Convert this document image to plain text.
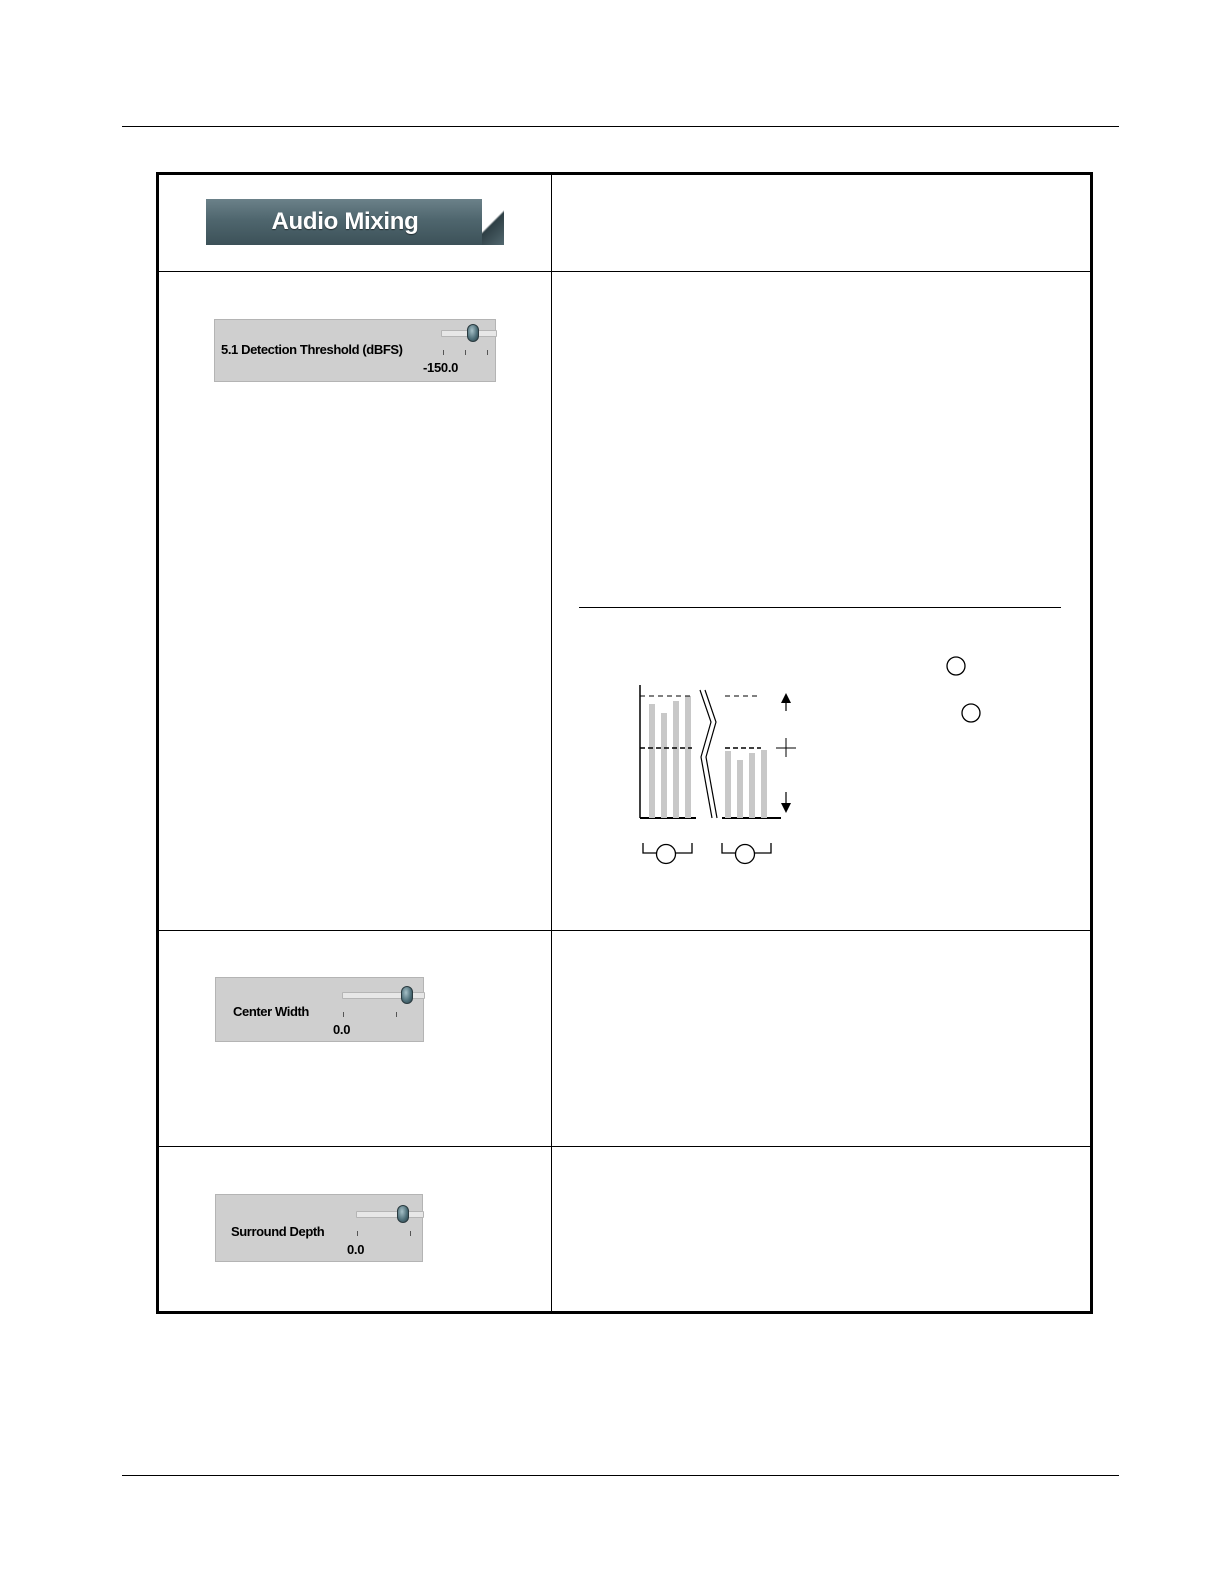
Audio Mixing
5.1 Detection Threshold (dBFS)
-150.0
Center Width
0.0
Surround Depth
0.0
